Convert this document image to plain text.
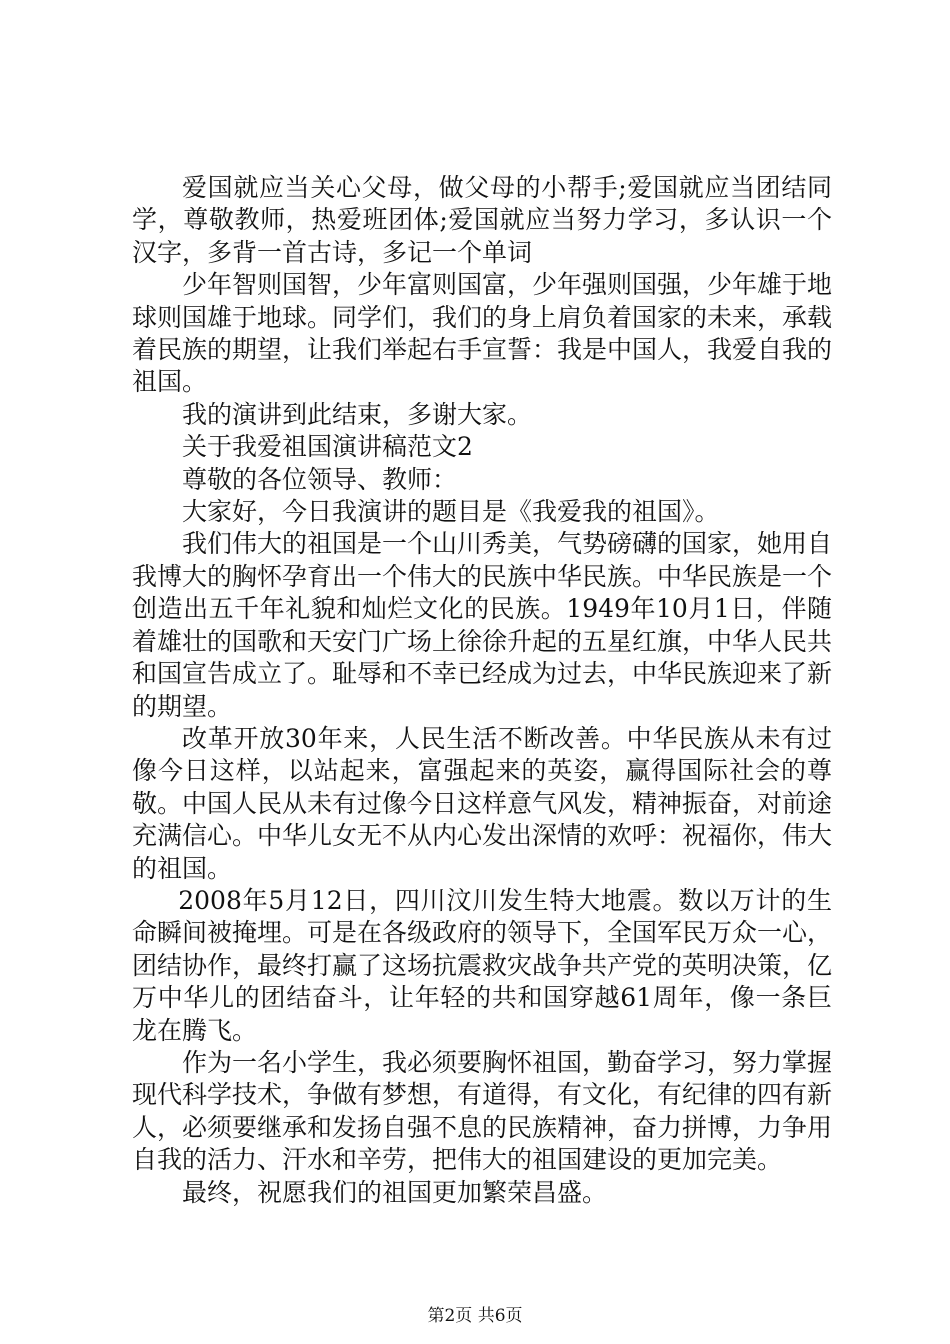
爱国就应当关心父母，做父母的小帮手;爱国就应当团结同学，尊敬教师，热爱班团体;爱国就应当努力学习，多认识一个汉字，多背一首古诗，多记一个单词

少年智则国智，少年富则国富，少年强则国强，少年雄于地球则国雄于地球。同学们，我们的身上肩负着国家的未来，承载着民族的期望，让我们举起右手宣誓：我是中国人，我爱自我的祖国。

我的演讲到此结束，多谢大家。

关于我爱祖国演讲稿范文2

尊敬的各位领导、教师：

大家好，今日我演讲的题目是《我爱我的祖国》。

我们伟大的祖国是一个山川秀美，气势磅礴的国家，她用自我博大的胸怀孕育出一个伟大的民族中华民族。中华民族是一个创造出五千年礼貌和灿烂文化的民族。1949年10月1日，伴随着雄壮的国歌和天安门广场上徐徐升起的五星红旗，中华人民共和国宣告成立了。耻辱和不幸已经成为过去，中华民族迎来了新的期望。

改革开放30年来，人民生活不断改善。中华民族从未有过像今日这样，以站起来，富强起来的英姿，赢得国际社会的尊敬。中国人民从未有过像今日这样意气风发，精神振奋，对前途充满信心。中华儿女无不从内心发出深情的欢呼：祝福你，伟大的祖国。

2008年5月12日，四川汶川发生特大地震。数以万计的生命瞬间被掩埋。可是在各级政府的领导下，全国军民万众一心，团结协作，最终打赢了这场抗震救灾战争共产党的英明决策，亿万中华儿的团结奋斗，让年轻的共和国穿越61周年，像一条巨龙在腾飞。

作为一名小学生，我必须要胸怀祖国，勤奋学习，努力掌握现代科学技术，争做有梦想，有道得，有文化，有纪律的四有新人，必须要继承和发扬自强不息的民族精神，奋力拼博，力争用自我的活力、汗水和辛劳，把伟大的祖国建设的更加完美。

最终，祝愿我们的祖国更加繁荣昌盛。

第2页 共6页
